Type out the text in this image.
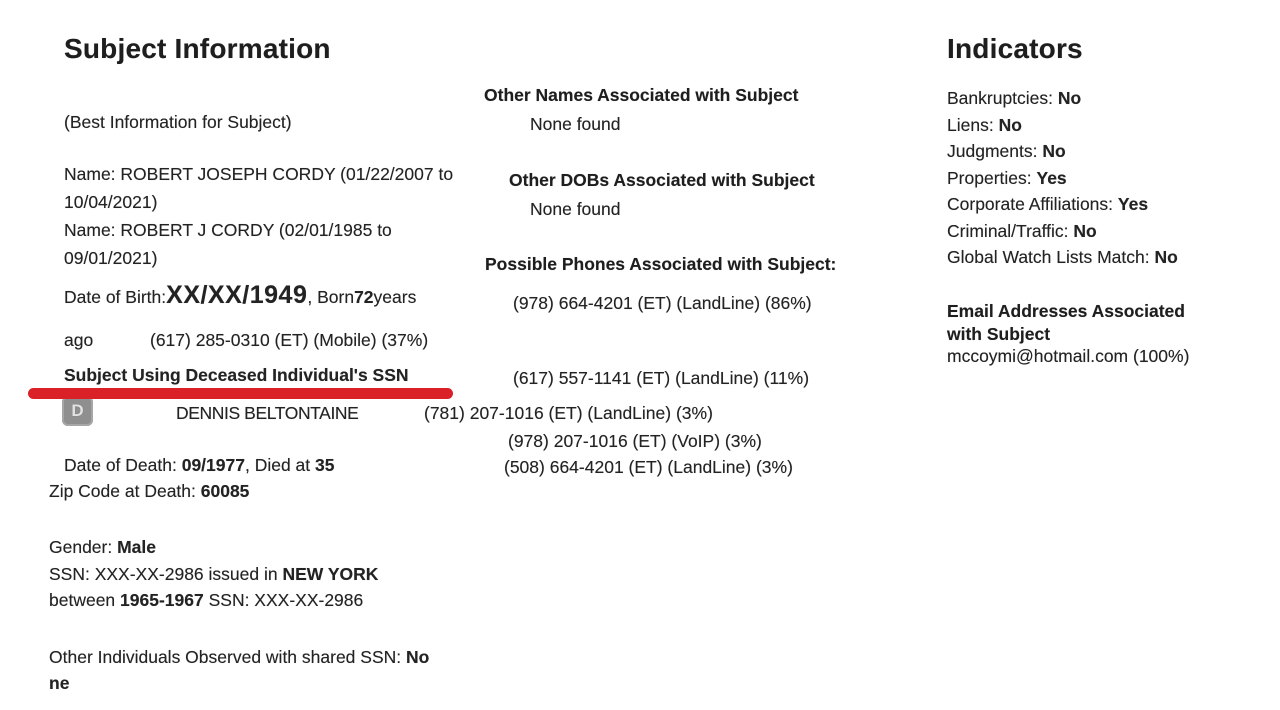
Subject Information
(Best Information for Subject)
Name: ROBERT JOSEPH CORDY (01/22/2007 to
10/04/2021)
Name: ROBERT J CORDY (02/01/1985 to
09/01/2021)
Date of Birth: XX/XX/1949 , Born 72 years
ago	(617) 285-0310 (ET) (Mobile) (37%)
Subject Using Deceased Individual's SSN
D	DENNIS BELTONTAINE
Date of Death: 09/1977, Died at 35
Zip Code at Death: 60085
Gender: Male
SSN: XXX-XX-2986 issued in NEW YORK
between 1965-1967 SSN: XXX-XX-2986
Other Individuals Observed with shared SSN: No
ne
Other Names Associated with Subject
None found
Other DOBs Associated with Subject
None found
Possible Phones Associated with Subject:
(978) 664-4201 (ET) (LandLine) (86%)
(617) 557-1141 (ET) (LandLine) (11%)
(781) 207-1016 (ET) (LandLine) (3%)
(978) 207-1016 (ET) (VoIP) (3%)
(508) 664-4201 (ET) (LandLine) (3%)
Indicators
Bankruptcies: No
Liens: No
Judgments: No
Properties: Yes
Corporate Affiliations: Yes
Criminal/Traffic: No
Global Watch Lists Match: No
Email Addresses Associated
with Subject
mccoymi@hotmail.com (100%)
